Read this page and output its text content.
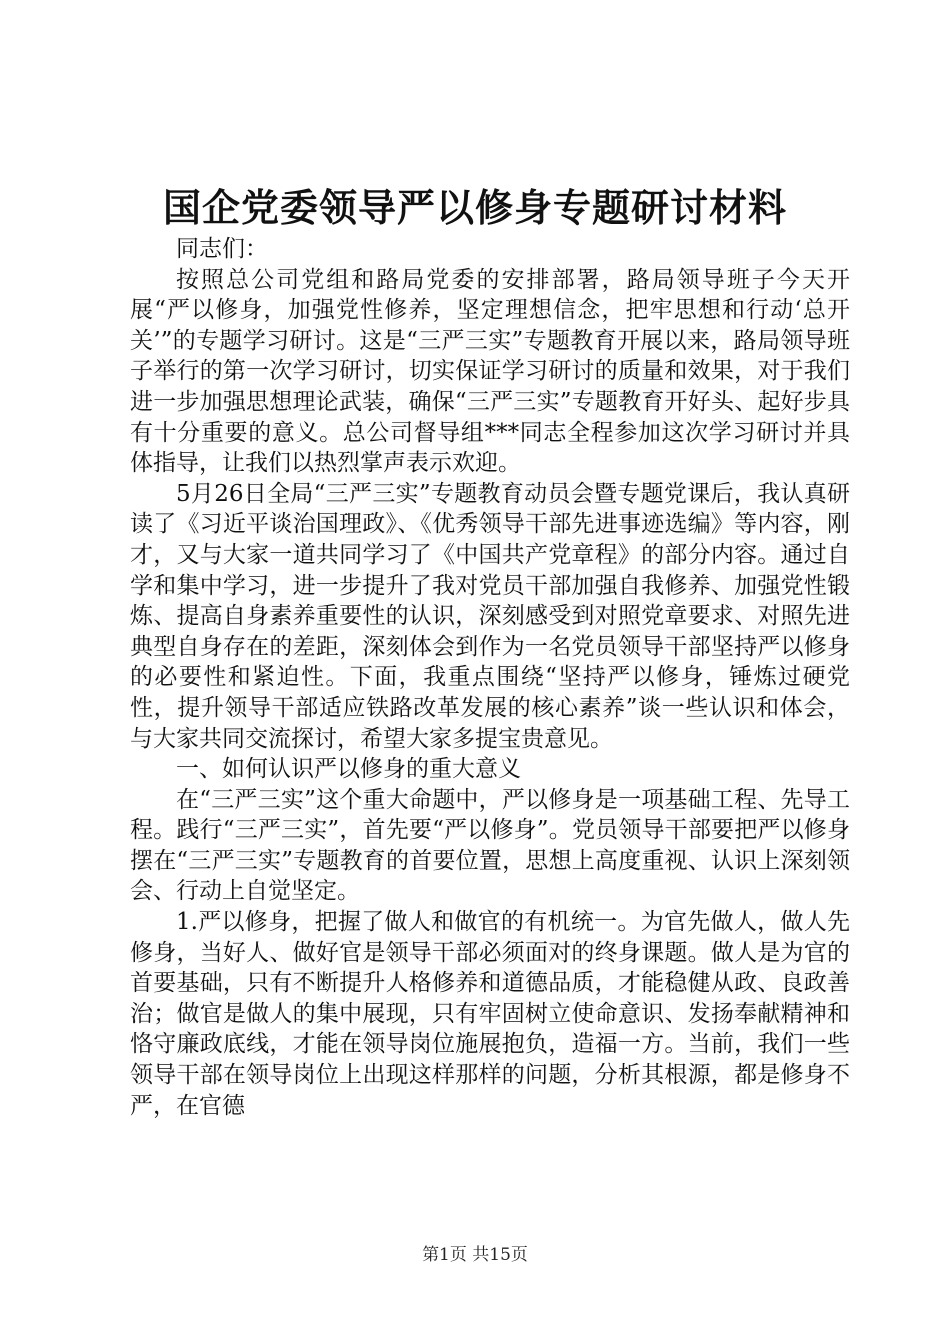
国企党委领导严以修身专题研讨材料

同志们：

按照总公司党组和路局党委的安排部署，路局领导班子今天开展“严以修身，加强党性修养，坚定理想信念，把牢思想和行动‘总开关’”的专题学习研讨。这是“三严三实”专题教育开展以来，路局领导班子举行的第一次学习研讨，切实保证学习研讨的质量和效果，对于我们进一步加强思想理论武装，确保“三严三实”专题教育开好头、起好步具有十分重要的意义。总公司督导组***同志全程参加这次学习研讨并具体指导，让我们以热烈掌声表示欢迎。

5月26日全局“三严三实”专题教育动员会暨专题党课后，我认真研读了《习近平谈治国理政》、《优秀领导干部先进事迹选编》等内容，刚才，又与大家一道共同学习了《中国共产党章程》的部分内容。通过自学和集中学习，进一步提升了我对党员干部加强自我修养、加强党性锻炼、提高自身素养重要性的认识，深刻感受到对照党章要求、对照先进典型自身存在的差距，深刻体会到作为一名党员领导干部坚持严以修身的必要性和紧迫性。下面，我重点围绕“坚持严以修身，锤炼过硬党性，提升领导干部适应铁路改革发展的核心素养”谈一些认识和体会，与大家共同交流探讨，希望大家多提宝贵意见。

一、如何认识严以修身的重大意义

在“三严三实”这个重大命题中，严以修身是一项基础工程、先导工程。践行“三严三实”，首先要“严以修身”。党员领导干部要把严以修身摆在“三严三实”专题教育的首要位置，思想上高度重视、认识上深刻领会、行动上自觉坚定。

1.严以修身，把握了做人和做官的有机统一。为官先做人，做人先修身，当好人、做好官是领导干部必须面对的终身课题。做人是为官的首要基础，只有不断提升人格修养和道德品质，才能稳健从政、良政善治；做官是做人的集中展现，只有牢固树立使命意识、发扬奉献精神和恪守廉政底线，才能在领导岗位施展抱负，造福一方。当前，我们一些领导干部在领导岗位上出现这样那样的问题，分析其根源，都是修身不严，在官德

第1页 共15页
